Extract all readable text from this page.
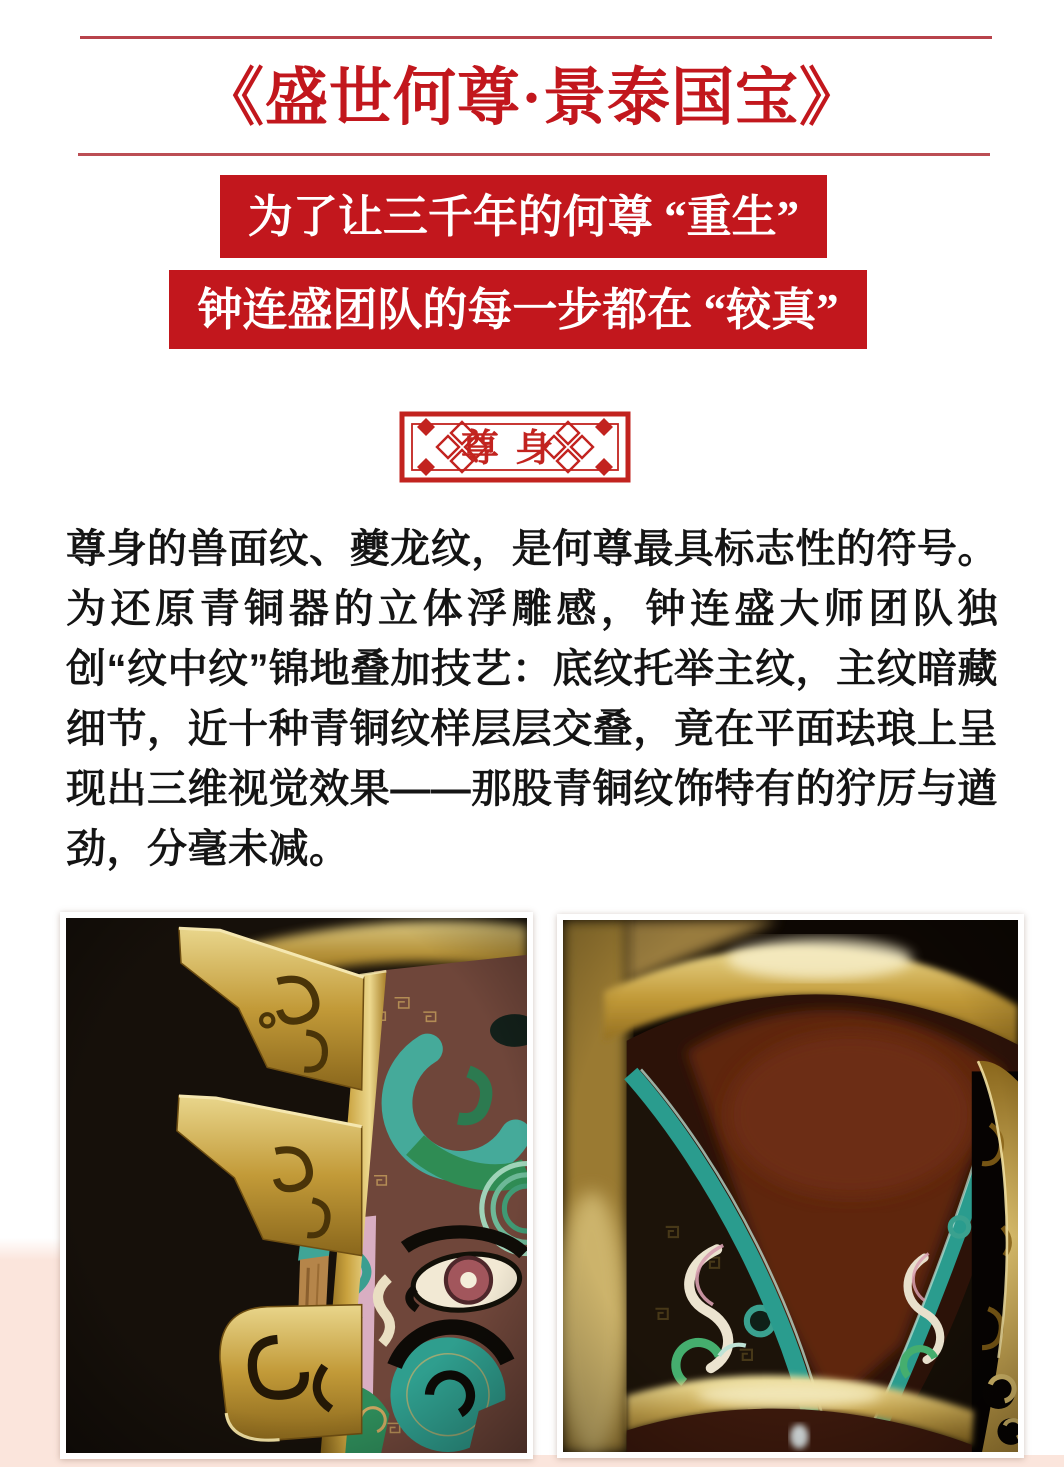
《盛世何尊·景泰国宝》
为了让三千年的何尊 “重生”
钟连盛团队的每一步都在 “较真”
尊身

尊身的兽面纹、夔龙纹，是何尊最具标志性的符号。为还原青铜器的立体浮雕感，钟连盛大师团队独创“纹中纹”锦地叠加技艺：底纹托举主纹，主纹暗藏细节，近十种青铜纹样层层交叠，竟在平面珐琅上呈现出三维视觉效果——那股青铜纹饰特有的狞厉与遒劲，分毫未减。
